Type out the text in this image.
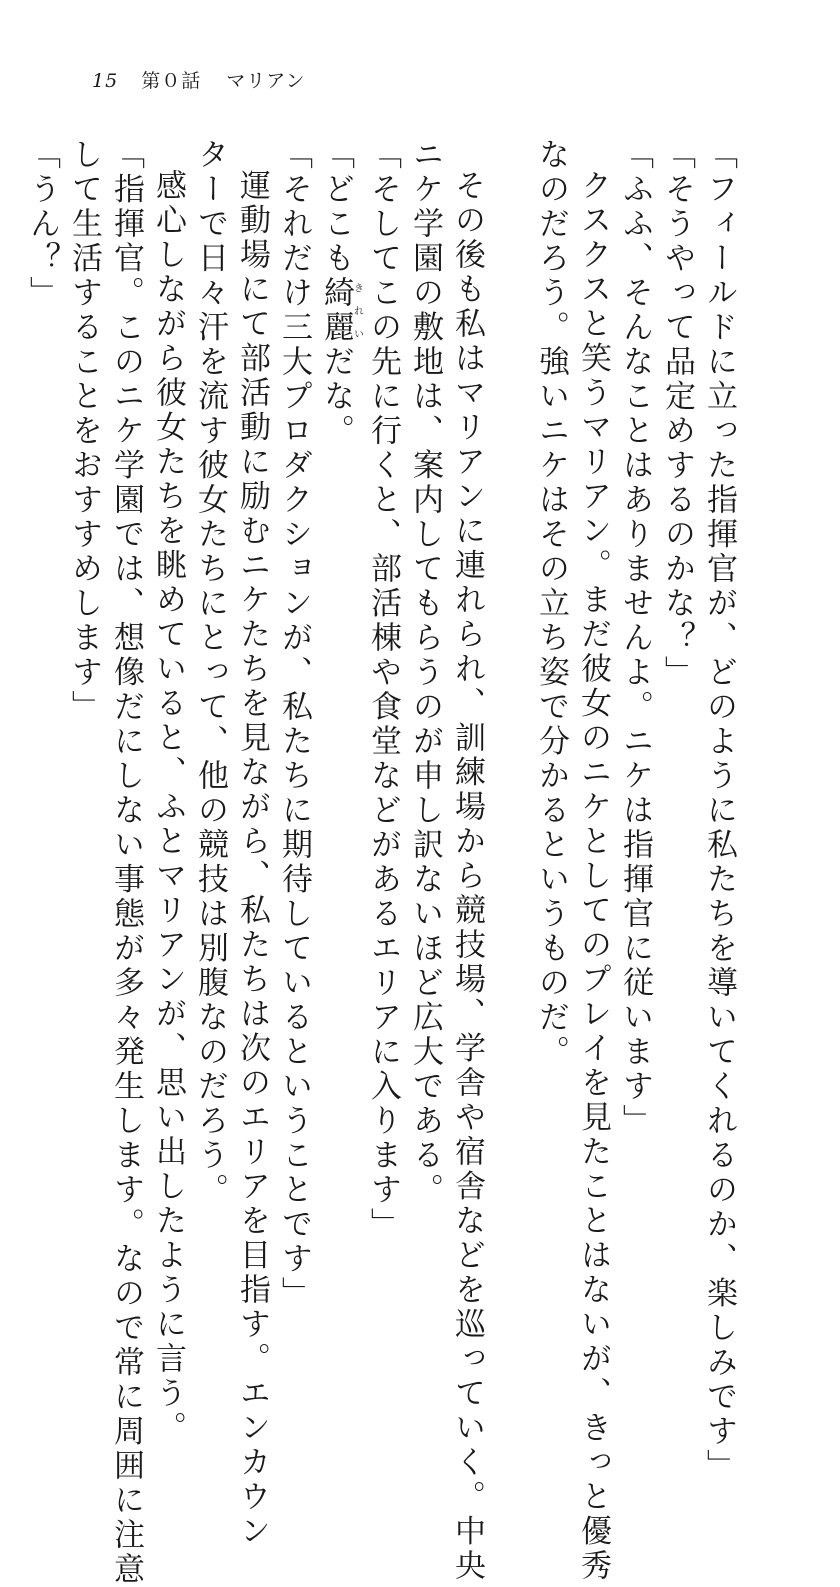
15 第０話 マリアン
「フィールドに立った指揮官が、どのように私たちを導いてくれるのか、楽しみです」
「そうやって品定めするのかな？」
「ふふ、そんなことはありませんよ。ニケは指揮官に従います」
クスクスと笑うマリアン。まだ彼女のニケとしてのプレイを見たことはないが、きっと優秀
なのだろう。強いニケはその立ち姿で分かるというものだ。
その後も私はマリアンに連れられ、訓練場から競技場、学舎や宿舎などを巡っていく。中央
ニケ学園の敷地は、案内してもらうのが申し訳ないほど広大である。
「そしてこの先に行くと、部活棟や食堂などがあるエリアに入ります」
「どこも綺麗きれいだな。
「それだけ三大プロダクションが、私たちに期待しているということです」
運動場にて部活動に励むニケたちを見ながら、私たちは次のエリアを目指す。エンカウン
ターで日々汗を流す彼女たちにとって、他の競技は別腹なのだろう。
感心しながら彼女たちを眺めていると、ふとマリアンが、思い出したように言う。
「指揮官。このニケ学園では、想像だにしない事態が多々発生します。なので常に周囲に注意
して生活することをおすすめします」
「うん？」
